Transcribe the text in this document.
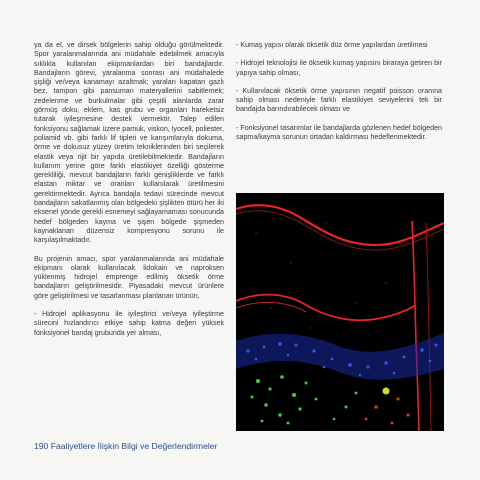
ya da el, ve dirsek bölgelerin sahip olduğu görülmektedir. Spor yaralanmalarında ani müdahale edebilmek amacıyla sıklıkla kullanılan ekipmanlardan biri bandajlardır. Bandajların görevi, yaralanma sonrası ani müdahalede şişliği ve/veya kanamayı azaltmak; yaraları kapatan gazlı bez, tampon gibi pansuman materyallerini sabitlemek; zedelenme ve burkulmalar gibi çeşitli alanlarda zarar görmüş doku, eklem, kas grubu ve organları hareketsiz tutarak iyileşmesine destek vermektir. Talep edilen fonksiyonu sağlamak üzere pamuk, viskon, lyocell, poliester, poliamid vb. gibi farklı lif tipleri ve karışımlarıyla dokuma, örme ve dokusuz yüzey üretim tekniklerinden biri seçilerek elastik veya rijit bir yapıda üretilebilmektedir. Bandajların kullanım yerine göre farklı elastikiyet özelliği gösterme gerekliliği, mevcut bandajların farklı genişliklerde ve farklı elastan miktar ve oranları kullanılarak üretilmesini gerektirmektedir. Ayrıca bandajla tedavi sürecinde mevcut bandajların sakatlanmış olan bölgedeki şişlikten ötürü her iki eksenel yönde gerekli esnemeyi sağlayamaması sonucunda hedef bölgeden kayma ve şişen bölgede şişmeden kaynaklanan düzensiz kompresyonu sorunu ile karşılaşılmaktadır.

Bu projenin amacı, spor yaralanmalarında ani müdahale ekipmanı olarak kullanılacak lidokain ve naproksen yüklenmiş hidrojel emprenge edilmiş öksetik örme bandajların geliştirilmesidir. Piyasadaki mevcut ürünlere göre geliştirilmesi ve tasarlanması planlanan ürünün,

- Hidrojel aplikasyonu ile iyileştirici ve/veya iyileştirme sürecini hızlandırıcı etkiye sahip katma değeri yüksek fonksiyonel bandaj grubunda yer alması,

- Kumaş yapısı olarak öksetik düz örme yapılardan üretilmesi

- Hidrojel teknolojisi ile öksetik kumaş yapısını biraraya getiren bir yapıya sahip olması,

- Kullanılacak öksetik örme yapısının negatif poisson oranına sahip olması nedeniyle farklı elastikiyet seviyelerini tek bir bandajda barındırabilecek olması ve

- Fonksiyonel tasarımlar ile bandajlarda gözlenen hedef bölgeden sapma/kayma sorunun ortadan kaldırması hedeflenmektedir.

190 Faaliyetlere İlişkin Bilgi ve Değerlendirmeler
